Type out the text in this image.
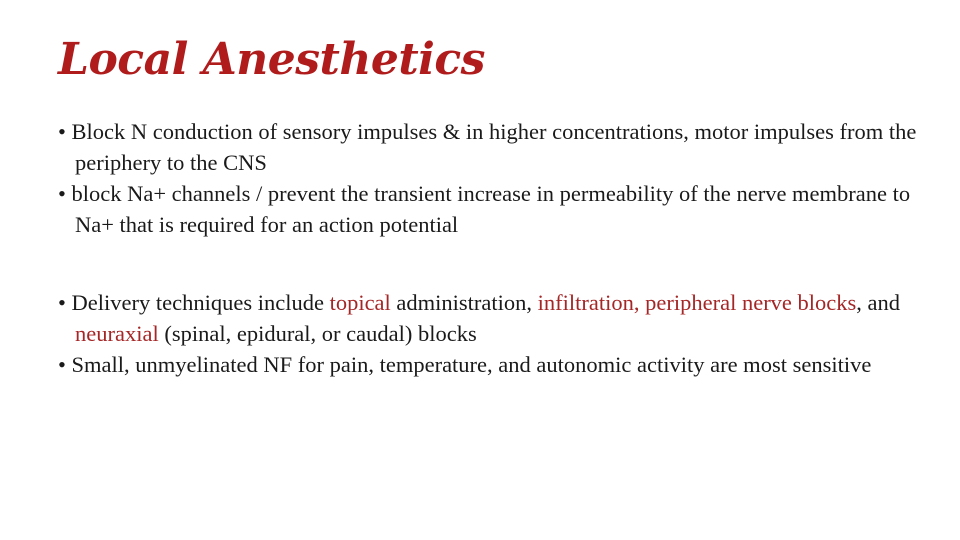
Local Anesthetics

• Block N conduction of sensory impulses & in higher concentrations, motor impulses from the periphery to the CNS

• block Na+ channels / prevent the transient increase in permeability of the nerve membrane to Na+ that is required for an action potential

• Delivery techniques include topical administration, infiltration, peripheral nerve blocks, and neuraxial (spinal, epidural, or caudal) blocks

• Small, unmyelinated NF for pain, temperature, and autonomic activity are most sensitive
